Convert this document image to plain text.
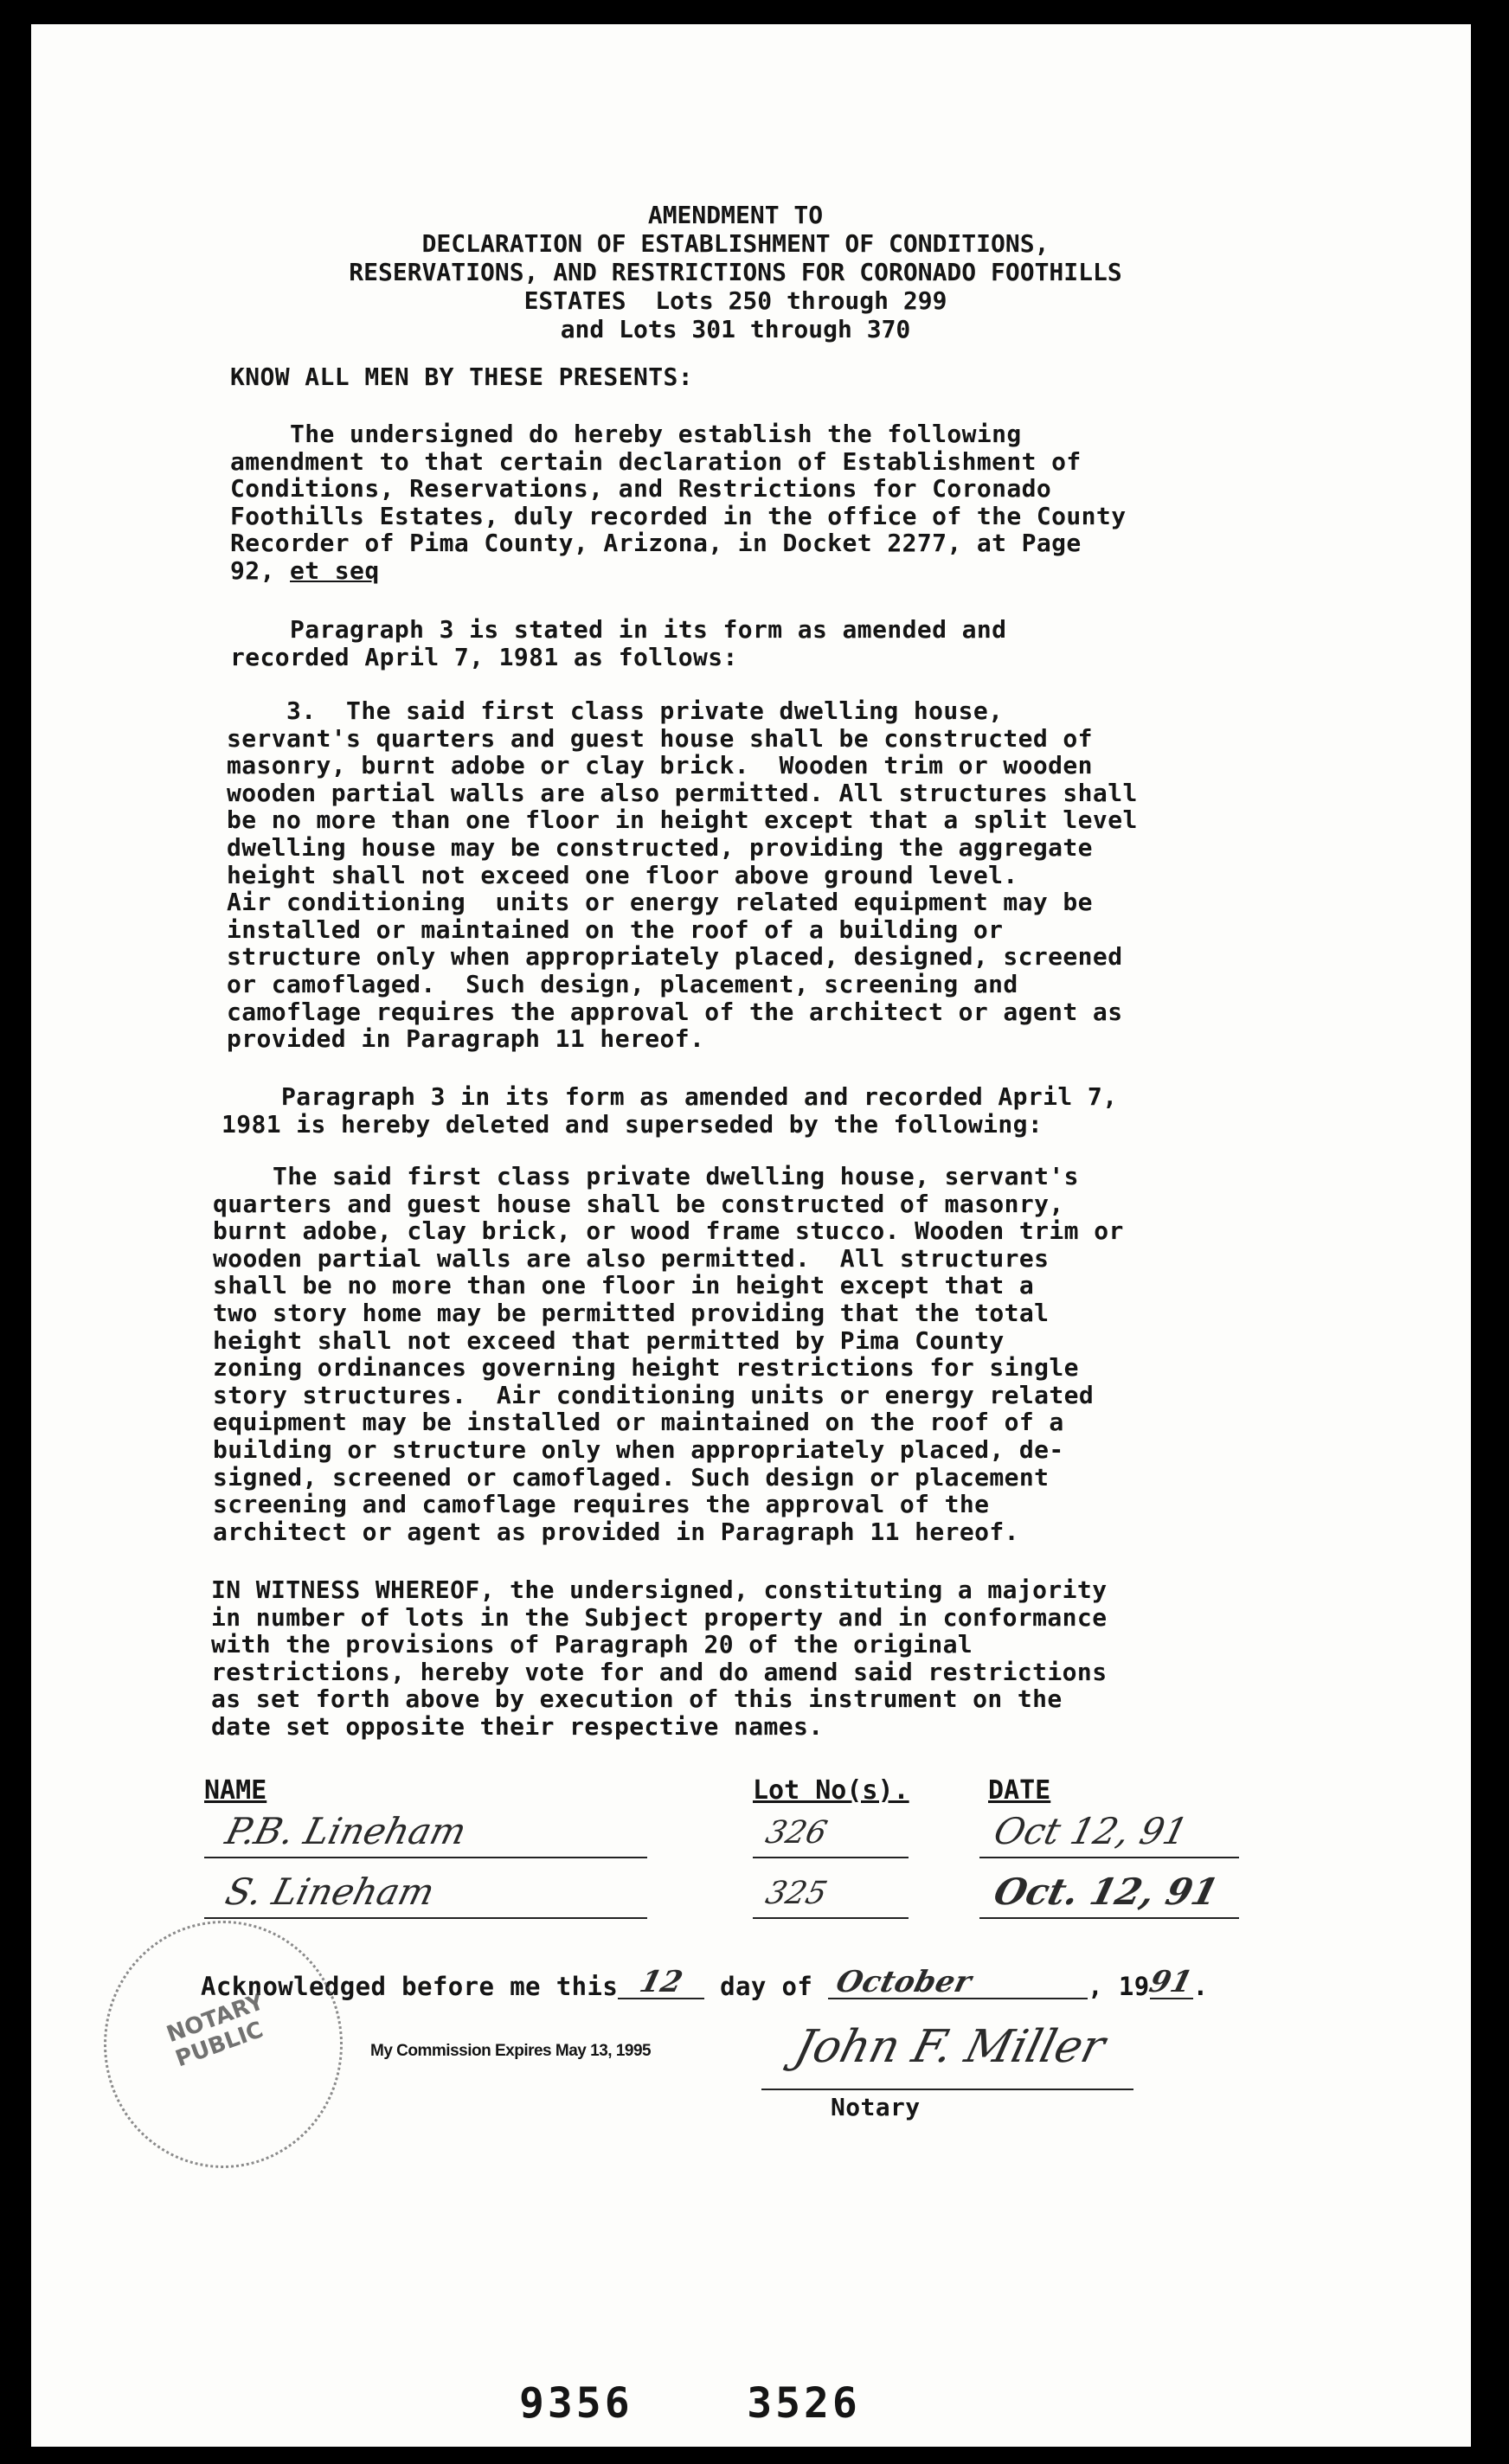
AMENDMENT TO
DECLARATION OF ESTABLISHMENT OF CONDITIONS,
RESERVATIONS, AND RESTRICTIONS FOR CORONADO FOOTHILLS
ESTATES  Lots 250 through 299
and Lots 301 through 370
KNOW ALL MEN BY THESE PRESENTS:
The undersigned do hereby establish the following
amendment to that certain declaration of Establishment of
Conditions, Reservations, and Restrictions for Coronado
Foothills Estates, duly recorded in the office of the County
Recorder of Pima County, Arizona, in Docket 2277, at Page
92, et seq
Paragraph 3 is stated in its form as amended and
recorded April 7, 1981 as follows:
3.  The said first class private dwelling house,
servant's quarters and guest house shall be constructed of
masonry, burnt adobe or clay brick.  Wooden trim or wooden
wooden partial walls are also permitted. All structures shall
be no more than one floor in height except that a split level
dwelling house may be constructed, providing the aggregate
height shall not exceed one floor above ground level.
Air conditioning  units or energy related equipment may be
installed or maintained on the roof of a building or
structure only when appropriately placed, designed, screened
or camoflaged.  Such design, placement, screening and
camoflage requires the approval of the architect or agent as
provided in Paragraph 11 hereof.
Paragraph 3 in its form as amended and recorded April 7,
1981 is hereby deleted and superseded by the following:
The said first class private dwelling house, servant's
quarters and guest house shall be constructed of masonry,
burnt adobe, clay brick, or wood frame stucco. Wooden trim or
wooden partial walls are also permitted.  All structures
shall be no more than one floor in height except that a
two story home may be permitted providing that the total
height shall not exceed that permitted by Pima County
zoning ordinances governing height restrictions for single
story structures.  Air conditioning units or energy related
equipment may be installed or maintained on the roof of a
building or structure only when appropriately placed, de-
signed, screened or camoflaged. Such design or placement
screening and camoflage requires the approval of the
architect or agent as provided in Paragraph 11 hereof.
IN WITNESS WHEREOF, the undersigned, constituting a majority
in number of lots in the Subject property and in conformance
with the provisions of Paragraph 20 of the original
restrictions, hereby vote for and do amend said restrictions
as set forth above by execution of this instrument on the
date set opposite their respective names.
NAME	Lot No(s).	DATE
P.B. Lineham	326	Oct 12, 91
S. Lineham	325	Oct. 12, 91
Acknowledged before me this 12 day of October	, 1991.
NOTARY PUBLIC	My Commission Expires May 13, 1995	John F. Miller
Notary
9356	3526
